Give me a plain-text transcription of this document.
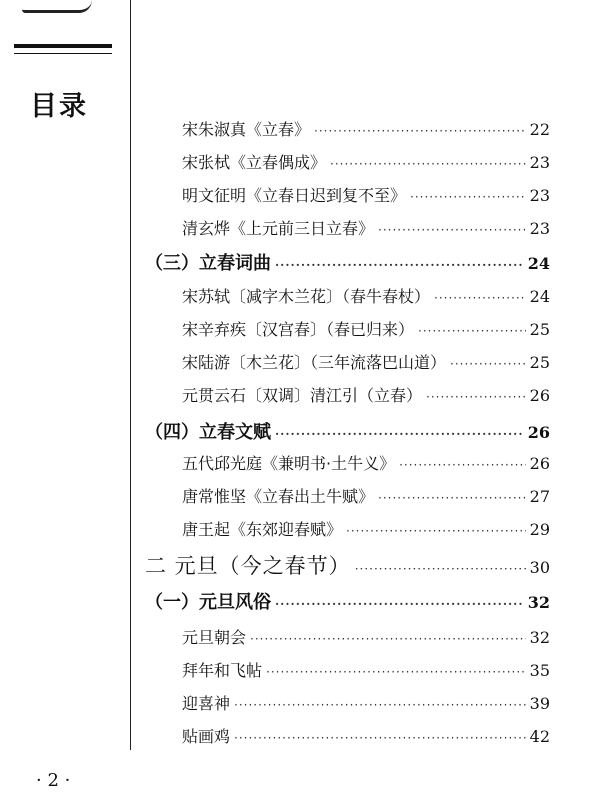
目录
宋朱淑真《立春》 ·····	22
宋张栻《立春偶成》 ·····	23
明文征明《立春日迟到复不至》 ·····	23
清玄烨《上元前三日立春》 ·····	23
（三）立春词曲 ·····	24
宋苏轼〔减字木兰花〕（春牛春杖） ·····	24
宋辛弃疾〔汉宫春〕（春已归来） ·····	25
宋陆游〔木兰花〕（三年流落巴山道） ·····	25
元贯云石〔双调〕清江引（立春） ·····	26
（四）立春文赋 ·····	26
五代邱光庭《兼明书·土牛义》 ·····	26
唐常惟坚《立春出土牛赋》 ·····	27
唐王起《东郊迎春赋》 ·····	29
二 元旦（今之春节） ·····	30
（一）元旦风俗 ·····	32
元旦朝会 ·····	32
拜年和飞帖 ·····	35
迎喜神 ·····	39
贴画鸡 ·····	42
· 2 ·
